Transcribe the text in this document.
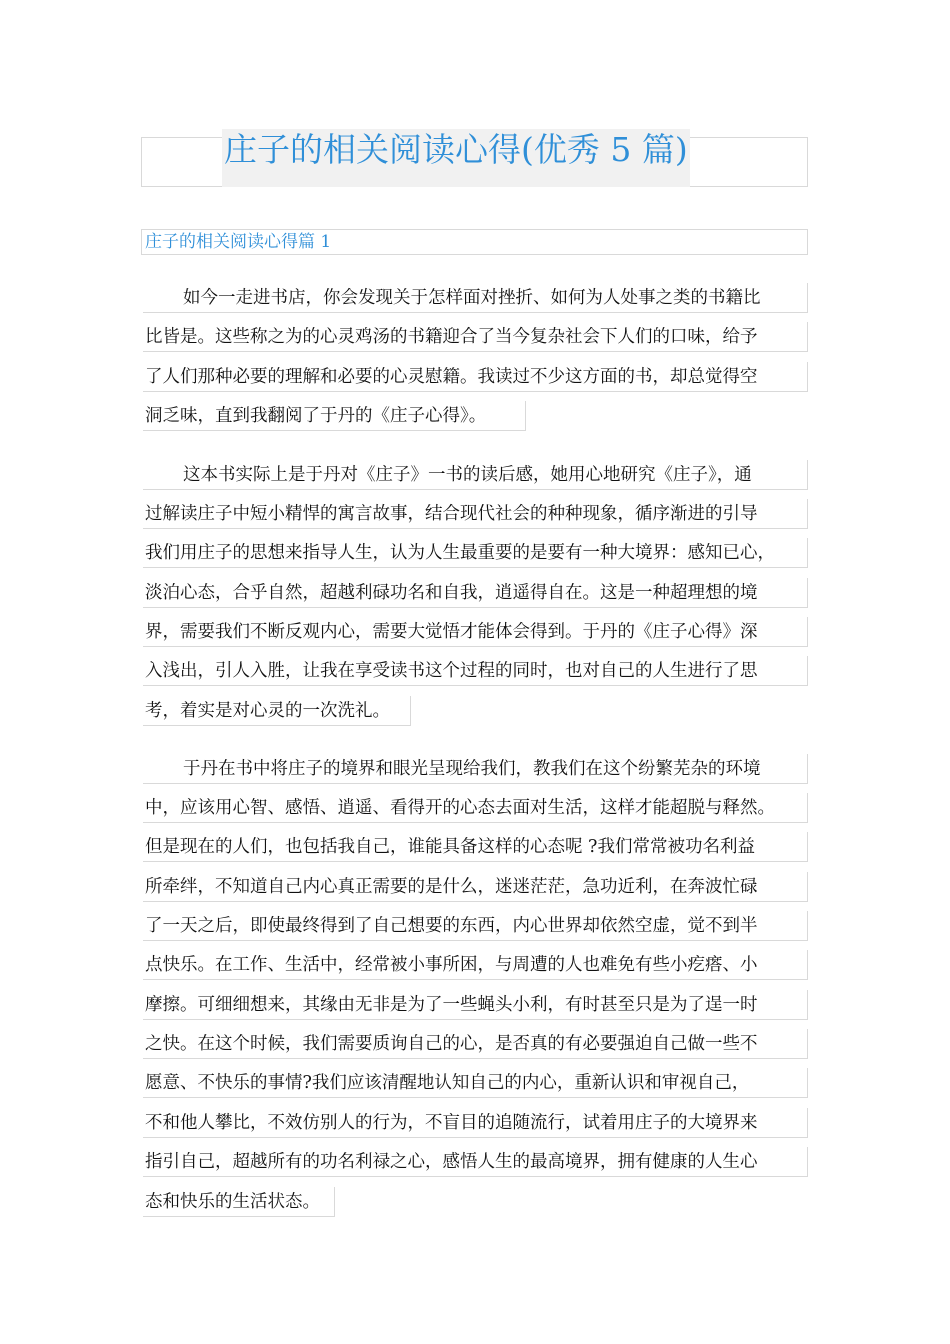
庄子的相关阅读心得(优秀 5 篇)
庄子的相关阅读心得篇 1
如今一走进书店，你会发现关于怎样面对挫折、如何为人处事之类的书籍比
比皆是。这些称之为的心灵鸡汤的书籍迎合了当今复杂社会下人们的口味，给予
了人们那种必要的理解和必要的心灵慰籍。我读过不少这方面的书，却总觉得空
洞乏味，直到我翻阅了于丹的《庄子心得》。
这本书实际上是于丹对《庄子》一书的读后感，她用心地研究《庄子》，通
过解读庄子中短小精悍的寓言故事，结合现代社会的种种现象，循序渐进的引导
我们用庄子的思想来指导人生，认为人生最重要的是要有一种大境界：感知已心，
淡泊心态，合乎自然，超越利碌功名和自我，逍遥得自在。这是一种超理想的境
界，需要我们不断反观内心，需要大觉悟才能体会得到。于丹的《庄子心得》深
入浅出，引人入胜，让我在享受读书这个过程的同时，也对自己的人生进行了思
考，着实是对心灵的一次洗礼。
于丹在书中将庄子的境界和眼光呈现给我们，教我们在这个纷繁芜杂的环境
中，应该用心智、感悟、逍遥、看得开的心态去面对生活，这样才能超脱与释然。
但是现在的人们，也包括我自己，谁能具备这样的心态呢 ?我们常常被功名利益
所牵绊，不知道自己内心真正需要的是什么，迷迷茫茫，急功近利，在奔波忙碌
了一天之后，即使最终得到了自己想要的东西，内心世界却依然空虚，觉不到半
点快乐。在工作、生活中，经常被小事所困，与周遭的人也难免有些小疙瘩、小
摩擦。可细细想来，其缘由无非是为了一些蝇头小利，有时甚至只是为了逞一时
之快。在这个时候，我们需要质询自己的心，是否真的有必要强迫自己做一些不
愿意、不快乐的事情?我们应该清醒地认知自己的内心，重新认识和审视自己，
不和他人攀比，不效仿别人的行为，不盲目的追随流行，试着用庄子的大境界来
指引自己，超越所有的功名利禄之心，感悟人生的最高境界，拥有健康的人生心
态和快乐的生活状态。
